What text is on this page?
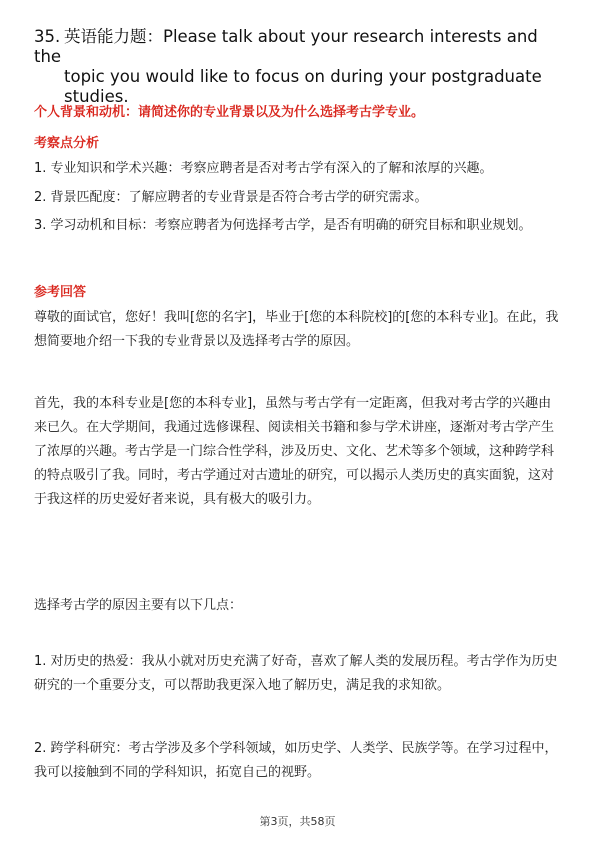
35. 英语能力题：Please talk about your research interests and the
topic you would like to focus on during your postgraduate
studies.
个人背景和动机：请简述你的专业背景以及为什么选择考古学专业。
考察点分析
1. 专业知识和学术兴趣：考察应聘者是否对考古学有深入的了解和浓厚的兴趣。
2. 背景匹配度：了解应聘者的专业背景是否符合考古学的研究需求。
3. 学习动机和目标：考察应聘者为何选择考古学，是否有明确的研究目标和职业规划。
参考回答
尊敬的面试官，您好！我叫[您的名字]，毕业于[您的本科院校]的[您的本科专业]。在此，我想简要地介绍一下我的专业背景以及选择考古学的原因。
首先，我的本科专业是[您的本科专业]，虽然与考古学有一定距离，但我对考古学的兴趣由来已久。在大学期间，我通过选修课程、阅读相关书籍和参与学术讲座，逐渐对考古学产生了浓厚的兴趣。考古学是一门综合性学科，涉及历史、文化、艺术等多个领域，这种跨学科的特点吸引了我。同时，考古学通过对古遗址的研究，可以揭示人类历史的真实面貌，这对于我这样的历史爱好者来说，具有极大的吸引力。
选择考古学的原因主要有以下几点：
1. 对历史的热爱：我从小就对历史充满了好奇，喜欢了解人类的发展历程。考古学作为历史研究的一个重要分支，可以帮助我更深入地了解历史，满足我的求知欲。
2. 跨学科研究：考古学涉及多个学科领域，如历史学、人类学、民族学等。在学习过程中，我可以接触到不同的学科知识，拓宽自己的视野。
第3页，共58页
